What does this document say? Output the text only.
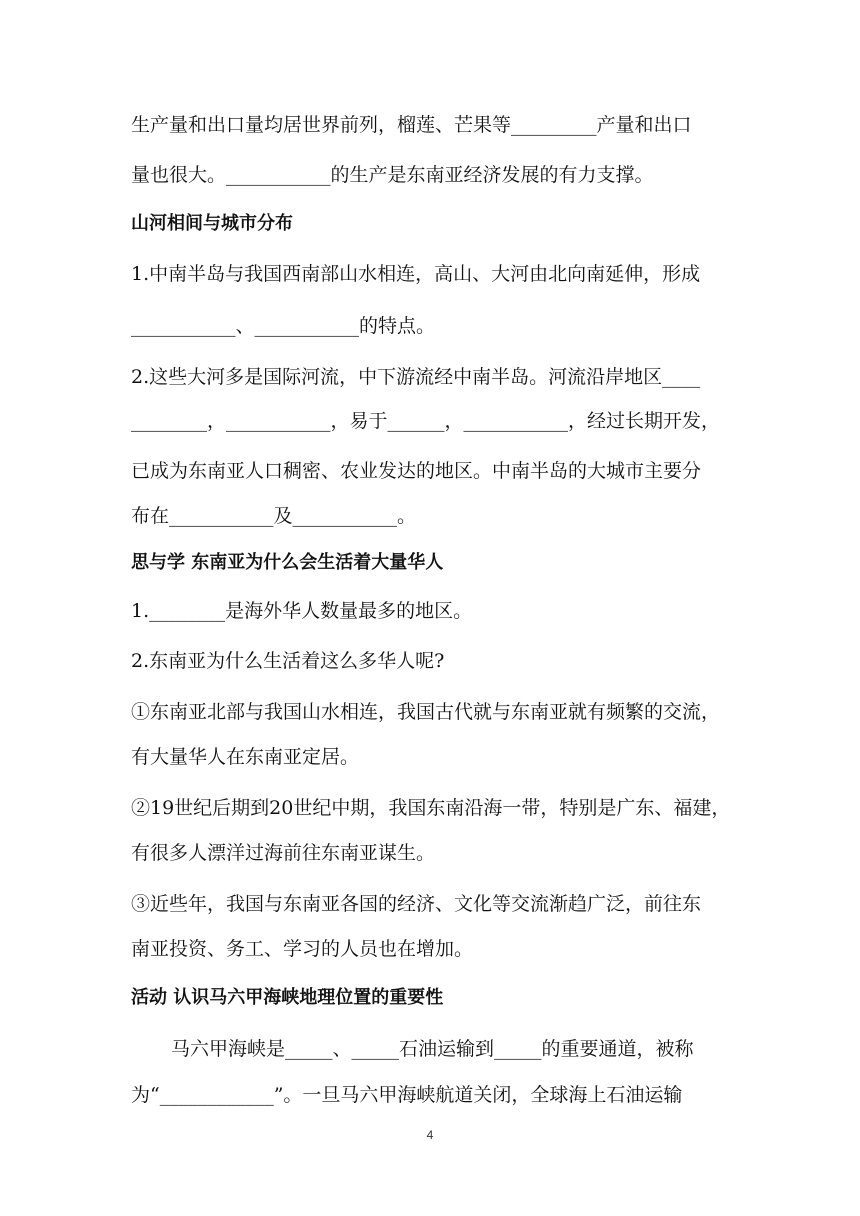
生产量和出口量均居世界前列，榴莲、芒果等_________产量和出口
量也很大。___________的生产是东南亚经济发展的有力支撑。
山河相间与城市分布
1.中南半岛与我国西南部山水相连，高山、大河由北向南延伸，形成
___________、___________的特点。
2.这些大河多是国际河流，中下游流经中南半岛。河流沿岸地区____
________，___________，易于______，___________，经过长期开发，
已成为东南亚人口稠密、农业发达的地区。中南半岛的大城市主要分
布在___________及___________。
思与学 东南亚为什么会生活着大量华人
1.________是海外华人数量最多的地区。
2.东南亚为什么生活着这么多华人呢?
①东南亚北部与我国山水相连，我国古代就与东南亚就有频繁的交流，
有大量华人在东南亚定居。
②19世纪后期到20世纪中期，我国东南沿海一带，特别是广东、福建，
有很多人漂洋过海前往东南亚谋生。
③近些年，我国与东南亚各国的经济、文化等交流渐趋广泛，前往东
南亚投资、务工、学习的人员也在增加。
活动 认识马六甲海峡地理位置的重要性
马六甲海峡是_____、_____石油运输到_____的重要通道，被称
为“____________”。一旦马六甲海峡航道关闭，全球海上石油运输
4
